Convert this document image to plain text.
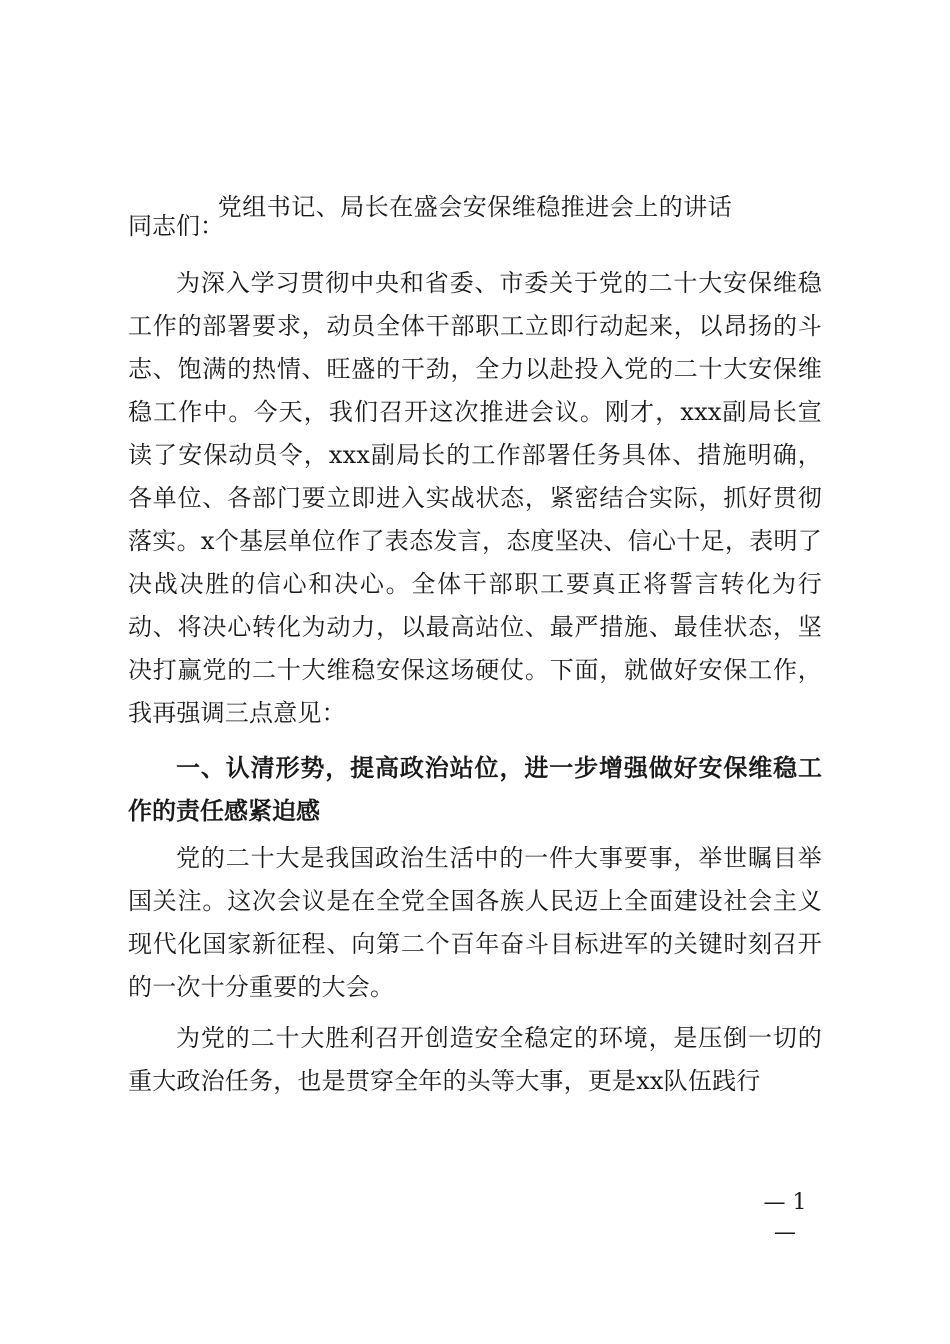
党组书记、局长在盛会安保维稳推进会上的讲话

同志们：

为深入学习贯彻中央和省委、市委关于党的二十大安保维稳工作的部署要求，动员全体干部职工立即行动起来，以昂扬的斗志、饱满的热情、旺盛的干劲，全力以赴投入党的二十大安保维稳工作中。今天，我们召开这次推进会议。刚才，xxx副局长宣读了安保动员令，xxx副局长的工作部署任务具体、措施明确，各单位、各部门要立即进入实战状态，紧密结合实际，抓好贯彻落实。x个基层单位作了表态发言，态度坚决、信心十足，表明了决战决胜的信心和决心。全体干部职工要真正将誓言转化为行动、将决心转化为动力，以最高站位、最严措施、最佳状态，坚决打赢党的二十大维稳安保这场硬仗。下面，就做好安保工作，我再强调三点意见：

一、认清形势，提高政治站位，进一步增强做好安保维稳工作的责任感紧迫感

党的二十大是我国政治生活中的一件大事要事，举世瞩目举国关注。这次会议是在全党全国各族人民迈上全面建设社会主义现代化国家新征程、向第二个百年奋斗目标进军的关键时刻召开的一次十分重要的大会。

为党的二十大胜利召开创造安全稳定的环境，是压倒一切的重大政治任务，也是贯穿全年的头等大事，更是xx队伍践行

— 1 —
